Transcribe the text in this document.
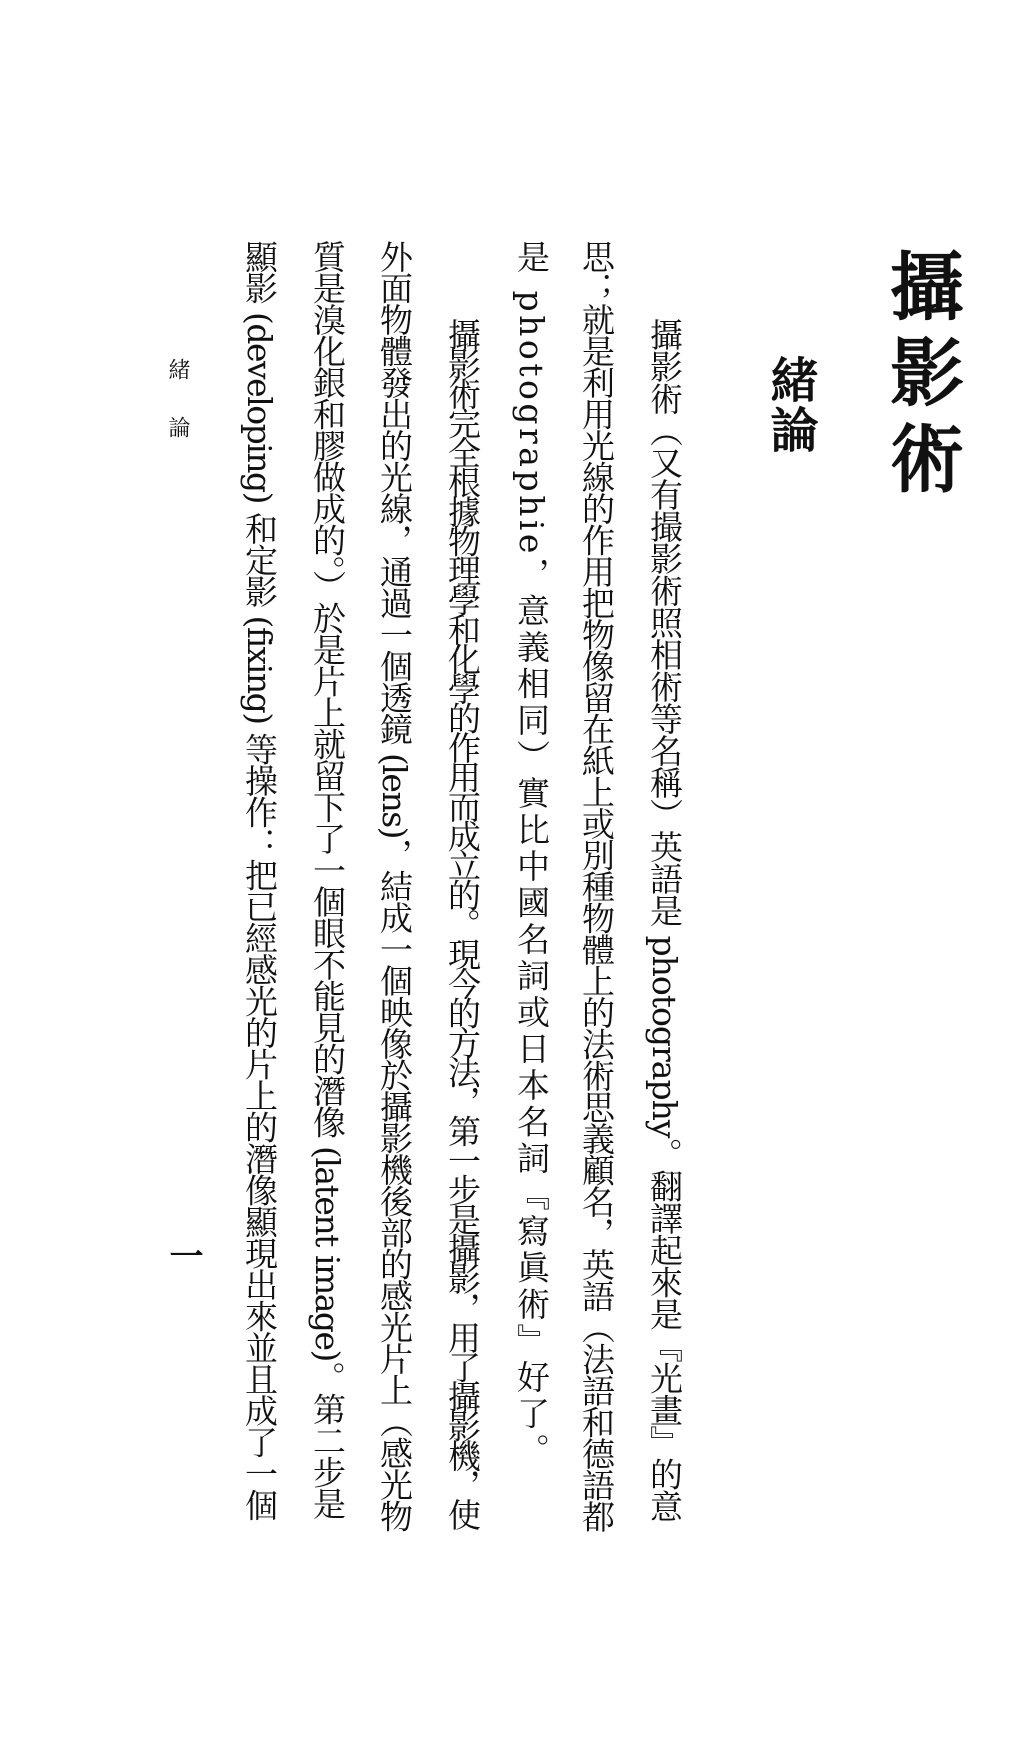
攝影術
緒論
攝影術（又有撮影術照相術等名稱）英語是 photography。翻譯起來是『光畫』的意
思；就是利用光線的作用把物像留在紙上或別種物體上的法術思義顧名，英語（法語和德語都
是 photographie，意義相同）實比中國名詞或日本名詞『寫眞術』好了。
攝影術完全根據物理學和化學的作用而成立的。現今的方法，第一步是攝影，用了攝影機，使
外面物體發出的光線，通過一個透鏡 (lens)，結成一個映像於攝影機後部的感光片上（感光物
質是溴化銀和膠做成的。）於是片上就留下了一個眼不能見的潛像 (latent image)。第二步是
顯影 (developing) 和定影 (fixing) 等操作：把已經感光的片上的潛像顯現出來並且成了一個
緒論
一
